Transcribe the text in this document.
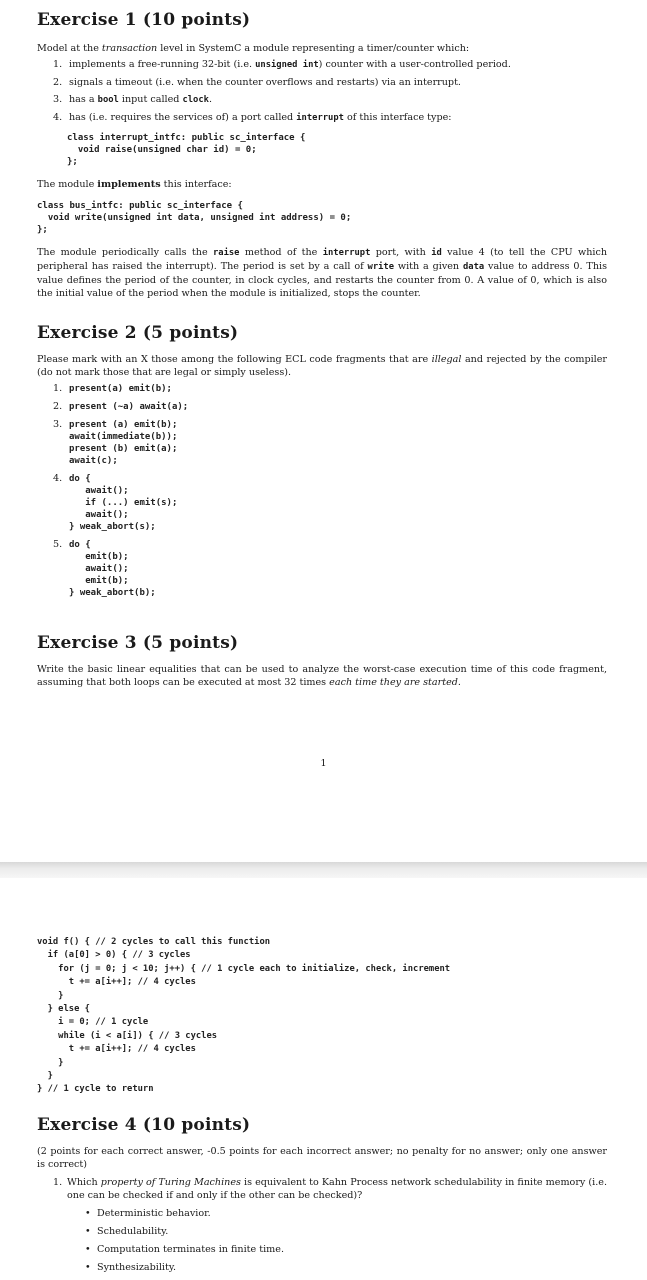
Exercise 1 (10 points)

Model at the transaction level in SystemC a module representing a timer/counter which:

1. implements a free-running 32-bit (i.e. unsigned int) counter with a user-controlled period.
2. signals a timeout (i.e. when the counter overflows and restarts) via an interrupt.
3. has a bool input called clock.
4. has (i.e. requires the services of) a port called interrupt of this interface type:
class interrupt_intfc: public sc_interface {
void raise(unsigned char id) = 0;
};

The module implements this interface:

class bus_intfc: public sc_interface {
void write(unsigned int data, unsigned int address) = 0;
};

The module periodically calls the raise method of the interrupt port, with id value 4 (to tell the CPU which peripheral has raised the interrupt). The period is set by a call of write with a given data value to address 0. This value defines the period of the counter, in clock cycles, and restarts the counter from 0. A value of 0, which is also the initial value of the period when the module is initialized, stops the counter.

Exercise 2 (5 points)

Please mark with an X those among the following ECL code fragments that are illegal and rejected by the compiler (do not mark those that are legal or simply useless).

1. present(a) emit(b);
2. present (~a) await(a);
3. present (a) emit(b);
await(immediate(b));
present (b) emit(a);
await(c);
4. do {
await();
if (...) emit(s);
await();
} weak_abort(s);
5. do {
emit(b);
await();
emit(b);
} weak_abort(b);
Exercise 3 (5 points)

Write the basic linear equalities that can be used to analyze the worst-case execution time of this code fragment, assuming that both loops can be executed at most 32 times each time they are started.

1
void f() { // 2 cycles to call this function
if (a[0] > 0) { // 3 cycles
for (j = 0; j < 10; j++) { // 1 cycle each to initialize, check, increment
t += a[i++]; // 4 cycles
}
} else {
i = 0; // 1 cycle
while (i < a[i]) { // 3 cycles
t += a[i++]; // 4 cycles
}
}
} // 1 cycle to return
Exercise 4 (10 points)

(2 points for each correct answer, -0.5 points for each incorrect answer; no penalty for no answer; only one answer is correct)

1. Which property of Turing Machines is equivalent to Kahn Process network schedulability in finite memory (i.e. one can be checked if and only if the other can be checked)?

• Deterministic behavior.
• Schedulability.
• Computation terminates in finite time.
• Synthesizability.
